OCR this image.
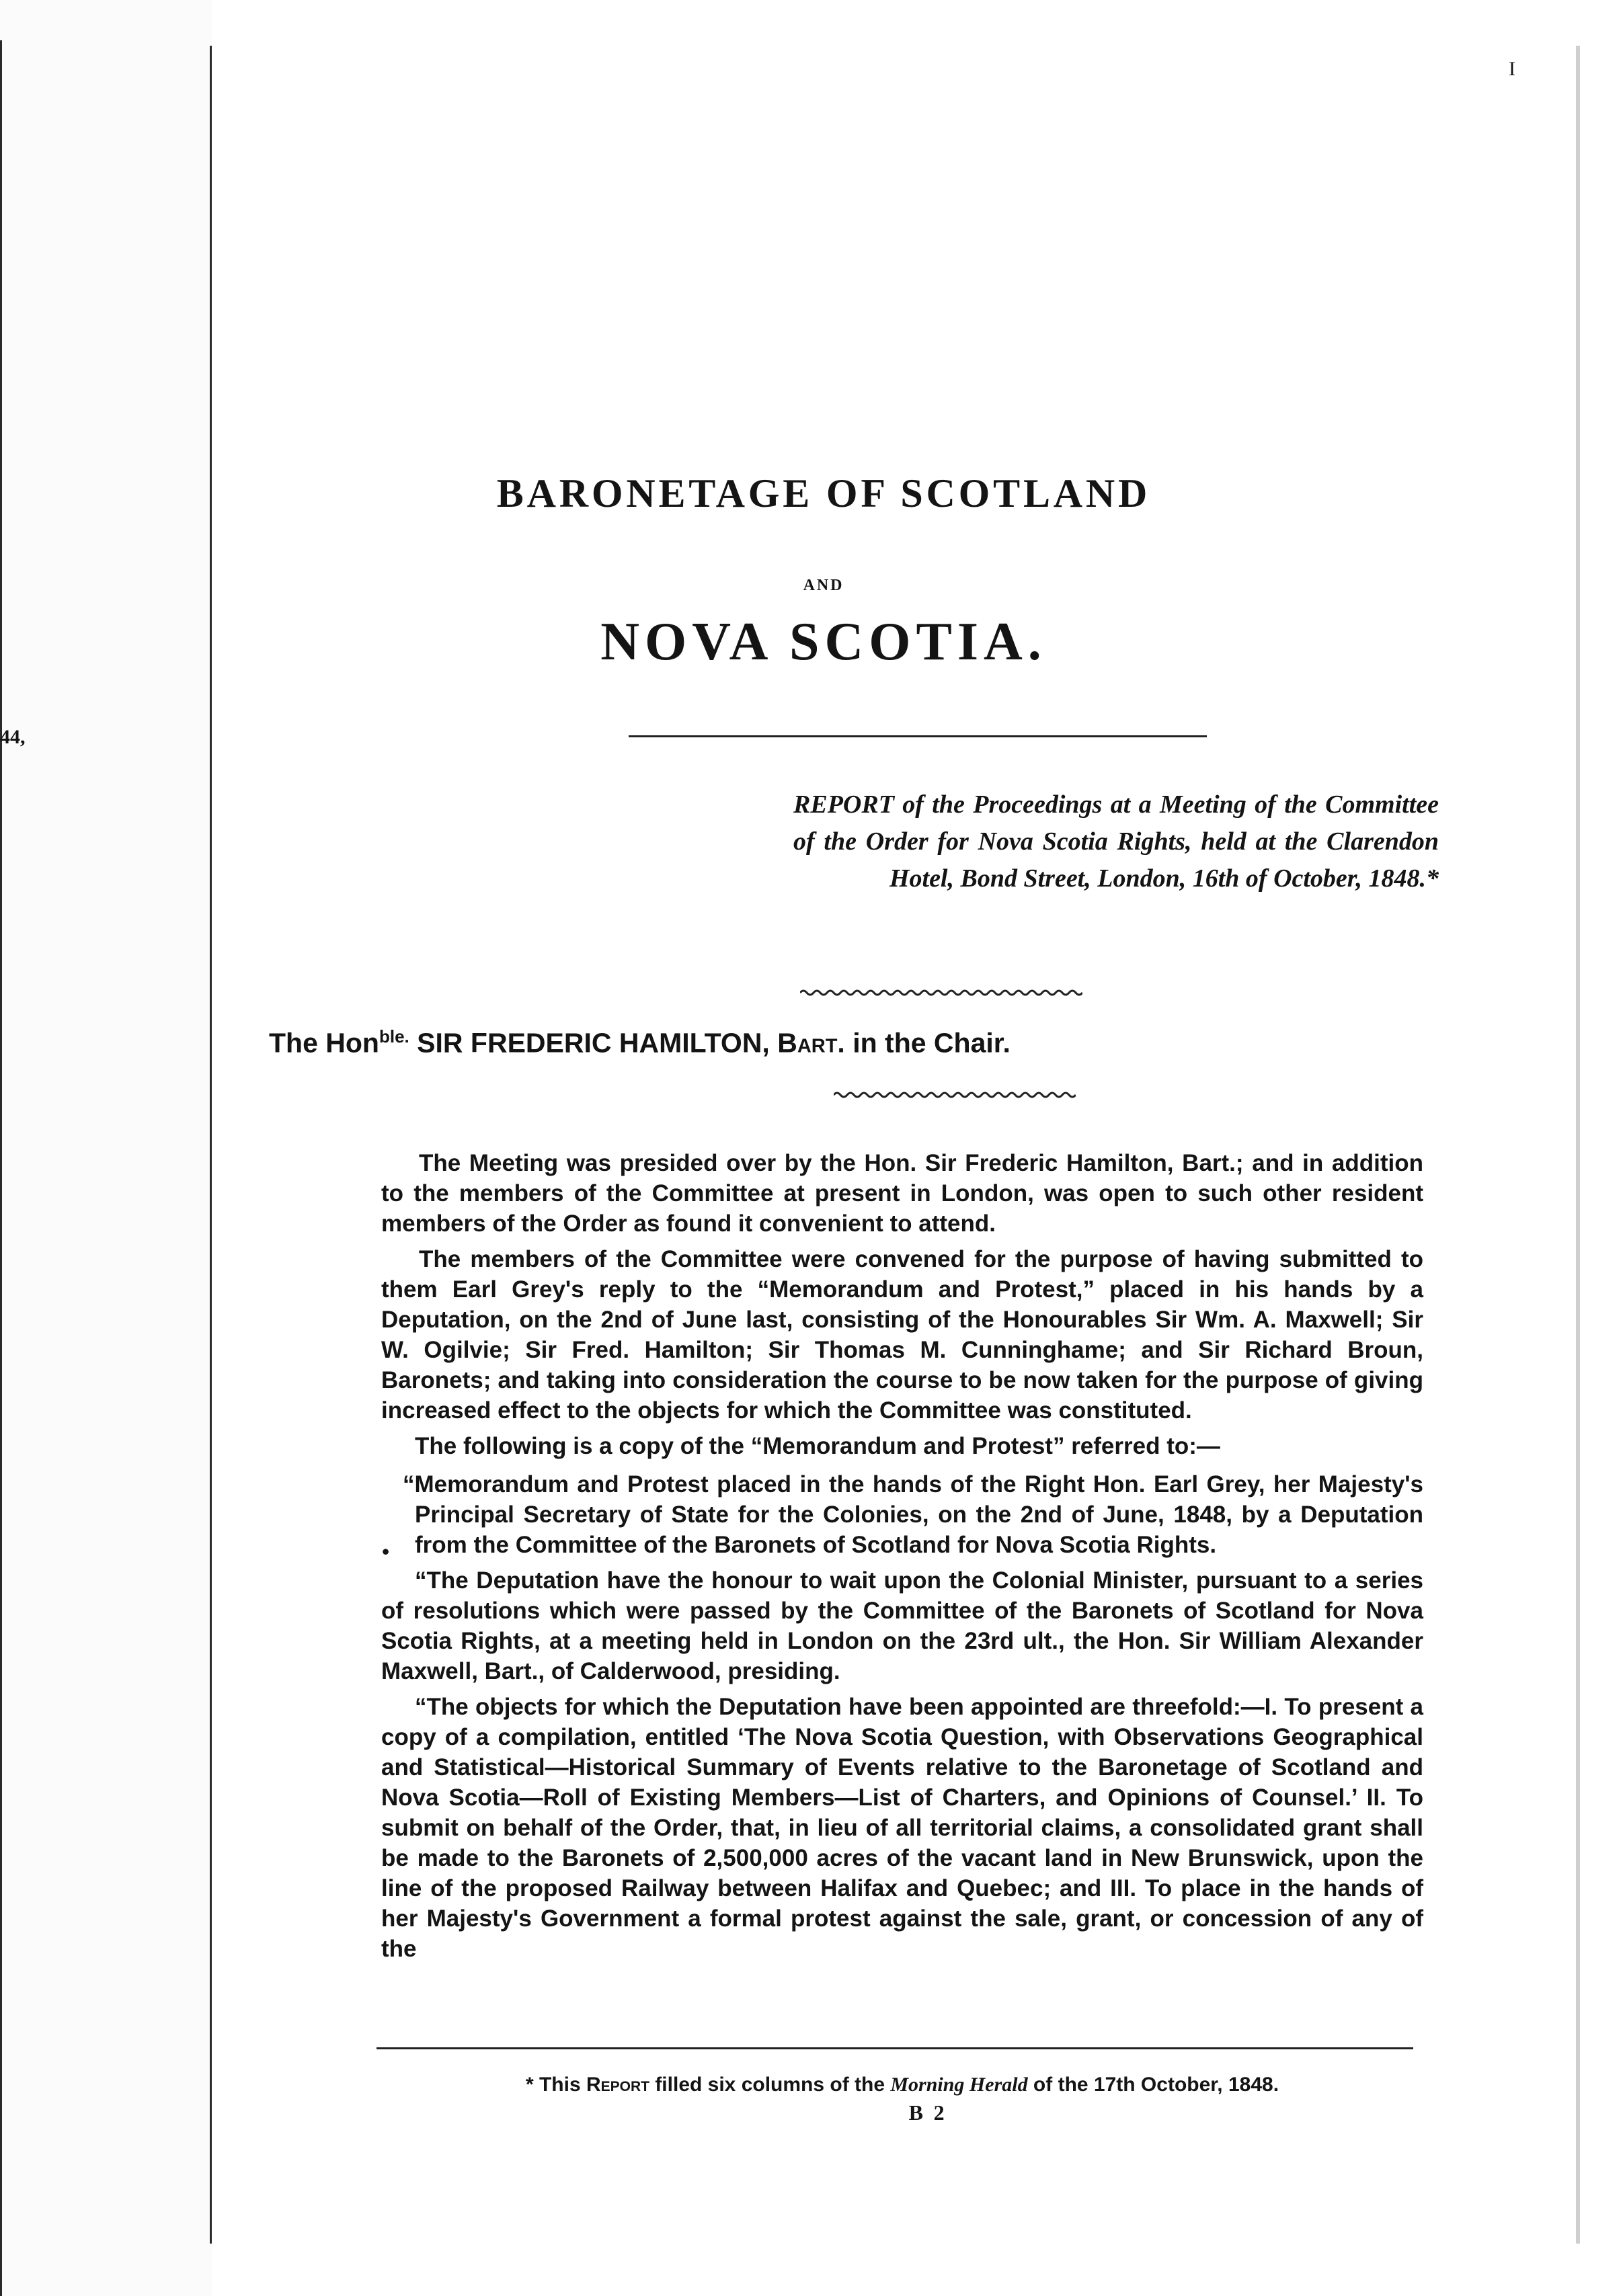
44,
I
BARONETAGE OF SCOTLAND
AND
NOVA SCOTIA.
REPORT of the Proceedings at a Meeting of the Committee of the Order for Nova Scotia Rights, held at the Clarendon Hotel, Bond Street, London, 16th of October, 1848.*
The Hon$^{ble.}$ SIR FREDERIC HAMILTON, Bart. in the Chair.

The Meeting was presided over by the Hon. Sir Frederic Hamilton, Bart.; and in addition to the members of the Committee at present in London, was open to such other resident members of the Order as found it convenient to attend.

The members of the Committee were convened for the purpose of having submitted to them Earl Grey's reply to the “Memorandum and Protest,” placed in his hands by a Deputation, on the 2nd of June last, consisting of the Honourables Sir Wm. A. Maxwell; Sir W. Ogilvie; Sir Fred. Hamilton; Sir Thomas M. Cunninghame; and Sir Richard Broun, Baronets; and taking into consideration the course to be now taken for the purpose of giving increased effect to the objects for which the Committee was constituted.

The following is a copy of the “Memorandum and Protest” referred to:—

“Memorandum and Protest placed in the hands of the Right Hon. Earl Grey, her Majesty's Principal Secretary of State for the Colonies, on the 2nd of June, 1848, by a Deputation from the Committee of the Baronets of Scotland for Nova Scotia Rights.

“The Deputation have the honour to wait upon the Colonial Minister, pursuant to a series of resolutions which were passed by the Committee of the Baronets of Scotland for Nova Scotia Rights, at a meeting held in London on the 23rd ult., the Hon. Sir William Alexander Maxwell, Bart., of Calderwood, presiding.

“The objects for which the Deputation have been appointed are threefold:—I. To present a copy of a compilation, entitled ‘The Nova Scotia Question, with Observations Geographical and Statistical—Historical Summary of Events relative to the Baronetage of Scotland and Nova Scotia—Roll of Existing Members—List of Charters, and Opinions of Counsel.’ II. To submit on behalf of the Order, that, in lieu of all territorial claims, a consolidated grant shall be made to the Baronets of 2,500,000 acres of the vacant land in New Brunswick, upon the line of the proposed Railway between Halifax and Quebec; and III. To place in the hands of her Majesty's Government a formal protest against the sale, grant, or concession of any of the

•
* This Report filled six columns of the Morning Herald of the 17th October, 1848.
B 2
